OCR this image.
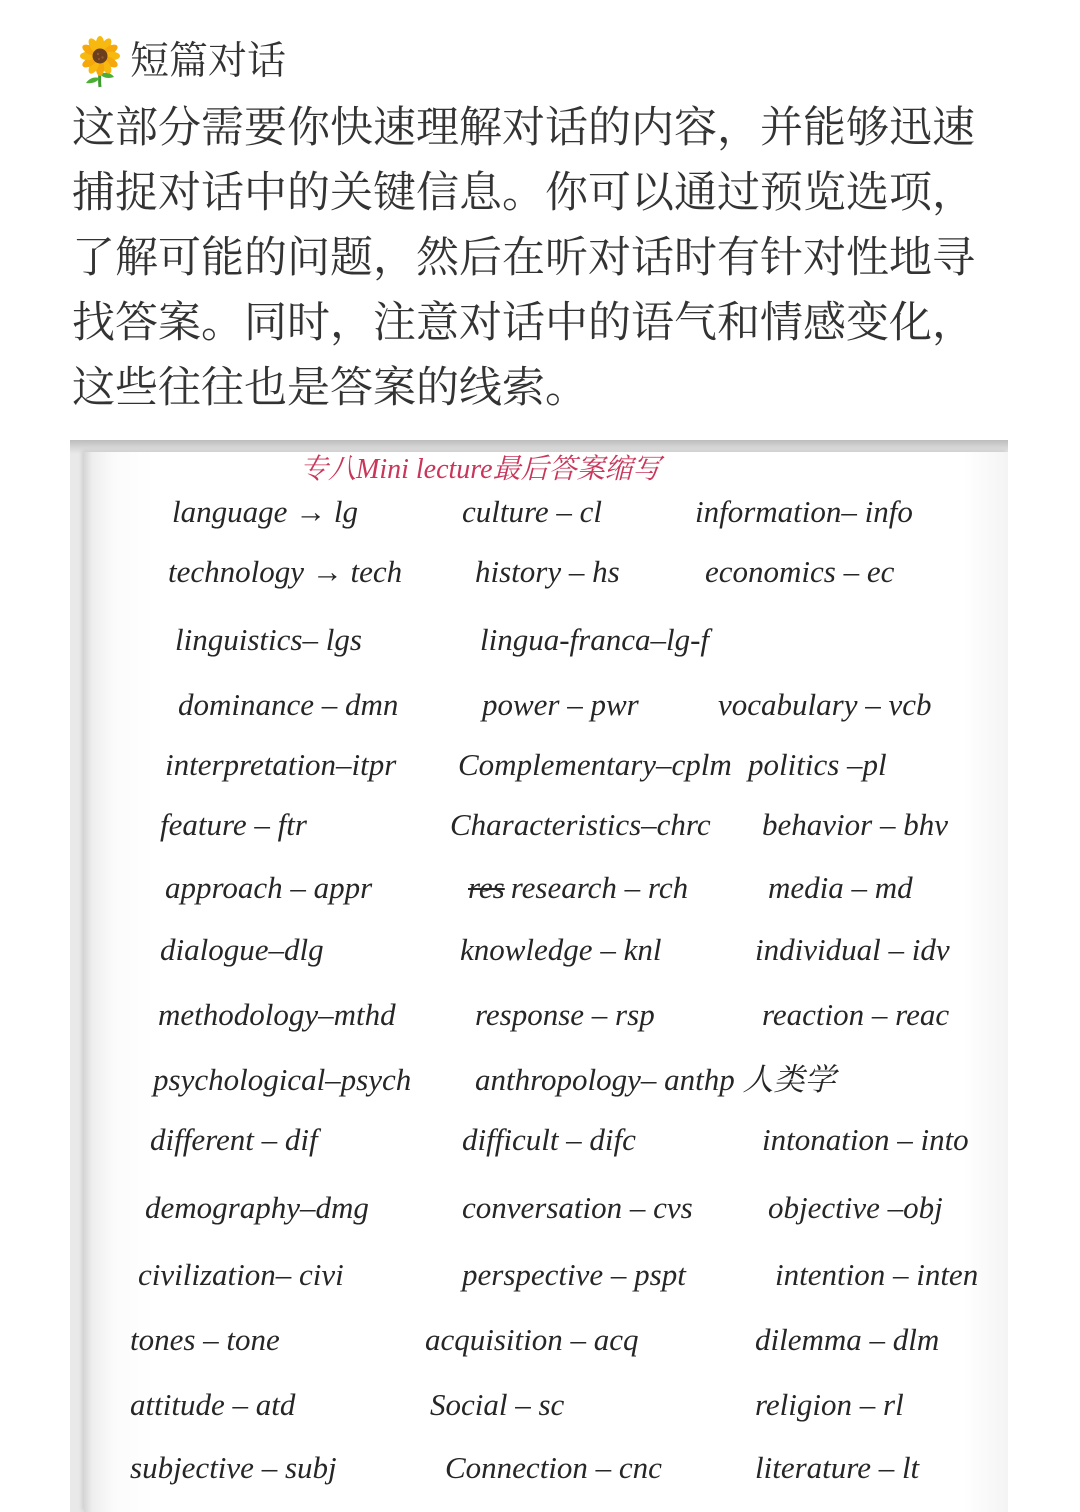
短篇对话
这部分需要你快速理解对话的内容，并能够迅速
捕捉对话中的关键信息。你可以通过预览选项，
了解可能的问题，然后在听对话时有针对性地寻
找答案。同时，注意对话中的语气和情感变化，
这些往往也是答案的线索。
专八Mini lecture最后答案缩写
language → lg	culture – cl	information– info
technology → tech history – hs	economics – ec
linguistics– lgs	lingua-franca–lg-f
dominance – dmn	power – pwr	vocabulary – vcb
interpretation–itpr Complementary–cplm politics –pl
feature – ftr	Characteristics–chrc behavior – bhv
approach – appr	res research – rch	media – md
dialogue–dlg	knowledge – knl	individual – idv
methodology–mthd	response – rsp	reaction – reac
psychological–psych anthropology– anthp 人类学
different – dif	difficult – difc	intonation – into
demography–dmg	conversation – cvs objective –obj
civilization– civi	perspective – pspt	intention – inten
tones – tone	acquisition – acq	dilemma – dlm
attitude – atd	Social – sc	religion – rl
subjective – subj	Connection – cnc	literature – lt
